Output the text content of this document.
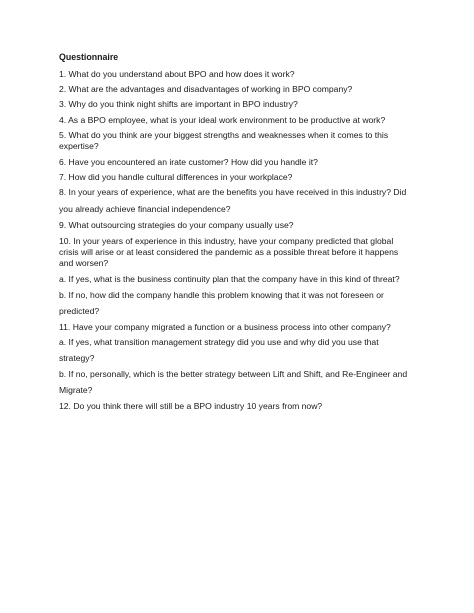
Questionnaire
1. What do you understand about BPO and how does it work?
2. What are the advantages and disadvantages of working in BPO company?
3. Why do you think night shifts are important in BPO industry?
4. As a BPO employee, what is your ideal work environment to be productive at work?
5. What do you think are your biggest strengths and weaknesses when it comes to this
expertise?
6. Have you encountered an irate customer? How did you handle it?
7. How did you handle cultural differences in your workplace?
8. In your years of experience, what are the benefits you have received in this industry? Did
you already achieve financial independence?
9. What outsourcing strategies do your company usually use?
10. In your years of experience in this industry, have your company predicted that global
crisis will arise or at least considered the pandemic as a possible threat before it happens
and worsen?
a. If yes, what is the business continuity plan that the company have in this kind of threat?
b. If no, how did the company handle this problem knowing that it was not foreseen or
predicted?
11. Have your company migrated a function or a business process into other company?
a. If yes, what transition management strategy did you use and why did you use that
strategy?
b. If no, personally, which is the better strategy between Lift and Shift, and Re-Engineer and
Migrate?
12. Do you think there will still be a BPO industry 10 years from now?
